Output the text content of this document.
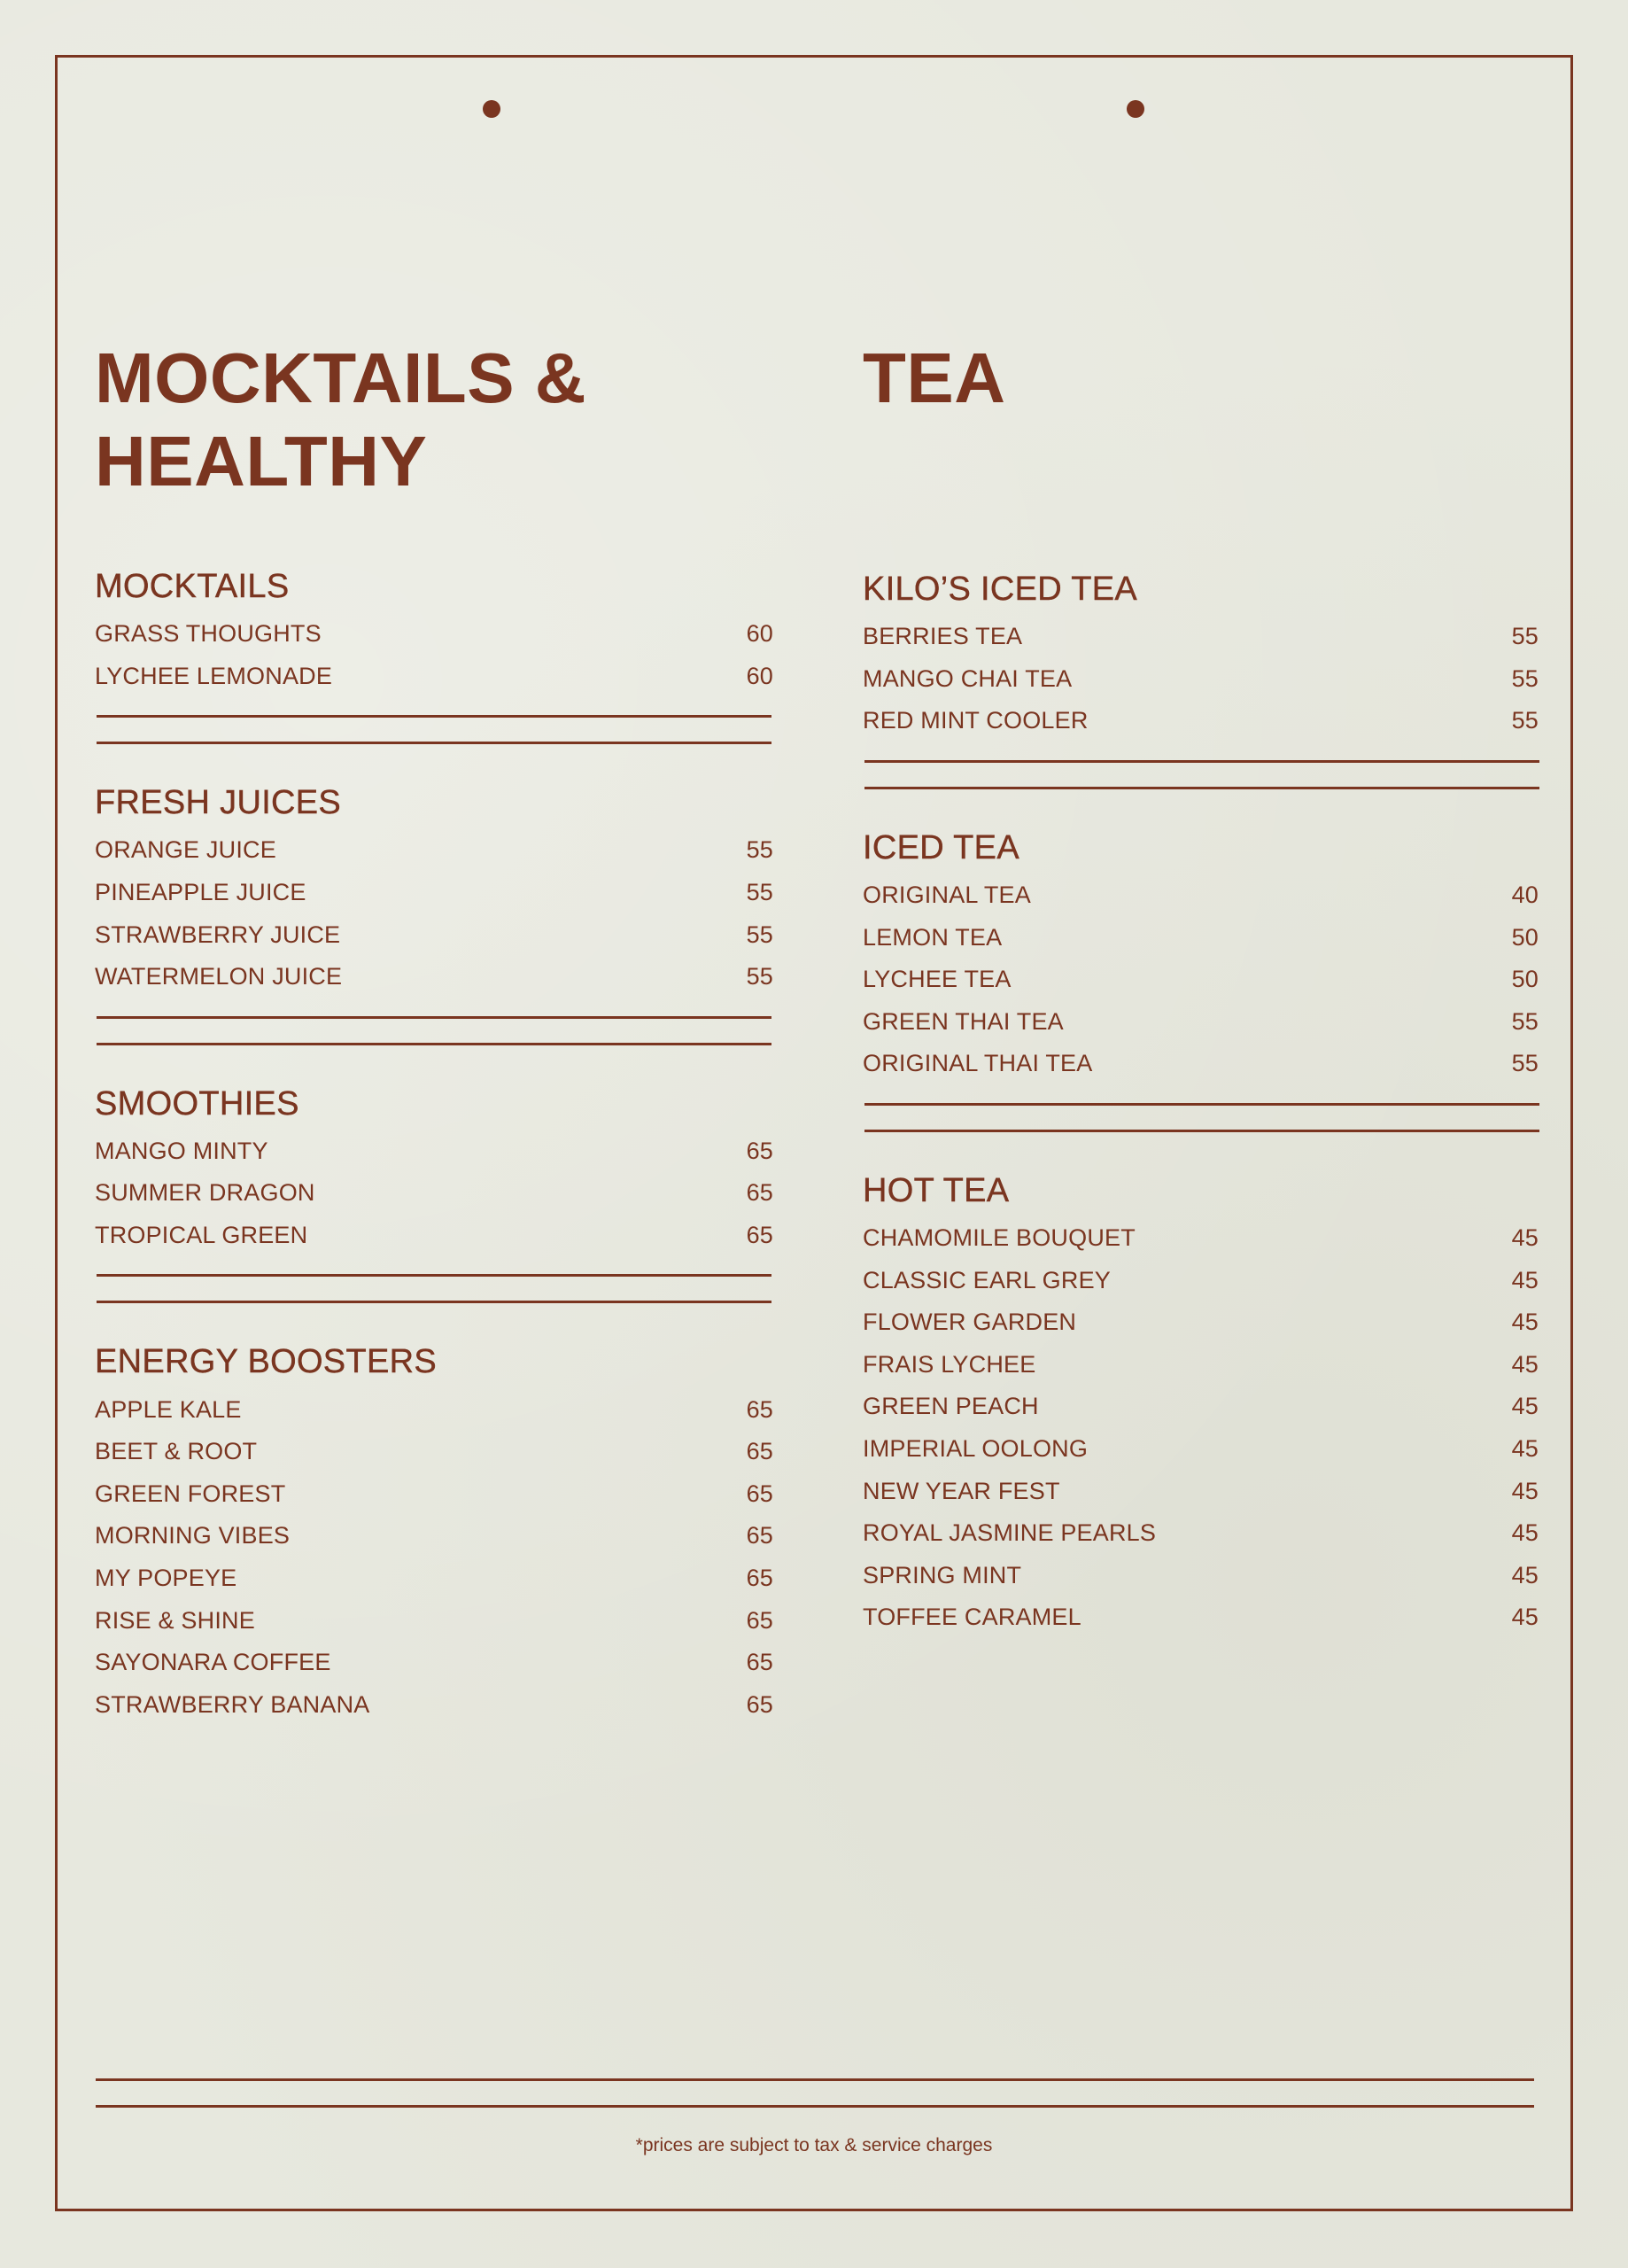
MOCKTAILS &
HEALTHY
MOCKTAILS
GRASS THOUGHTS	60
LYCHEE LEMONADE	60
FRESH JUICES
ORANGE JUICE	55
PINEAPPLE JUICE	55
STRAWBERRY JUICE	55
WATERMELON JUICE	55
SMOOTHIES
MANGO MINTY	65
SUMMER DRAGON	65
TROPICAL GREEN	65
ENERGY BOOSTERS
APPLE KALE	65
BEET & ROOT	65
GREEN FOREST	65
MORNING VIBES	65
MY POPEYE	65
RISE & SHINE	65
SAYONARA COFFEE	65
STRAWBERRY BANANA	65
TEA
KILO’S ICED TEA
BERRIES TEA	55
MANGO CHAI TEA	55
RED MINT COOLER	55
ICED TEA
ORIGINAL TEA	40
LEMON TEA	50
LYCHEE TEA	50
GREEN THAI TEA	55
ORIGINAL THAI TEA	55
HOT TEA
CHAMOMILE BOUQUET	45
CLASSIC EARL GREY	45
FLOWER GARDEN	45
FRAIS LYCHEE	45
GREEN PEACH	45
IMPERIAL OOLONG	45
NEW YEAR FEST	45
ROYAL JASMINE PEARLS	45
SPRING MINT	45
TOFFEE CARAMEL	45
*prices are subject to tax & service charges
